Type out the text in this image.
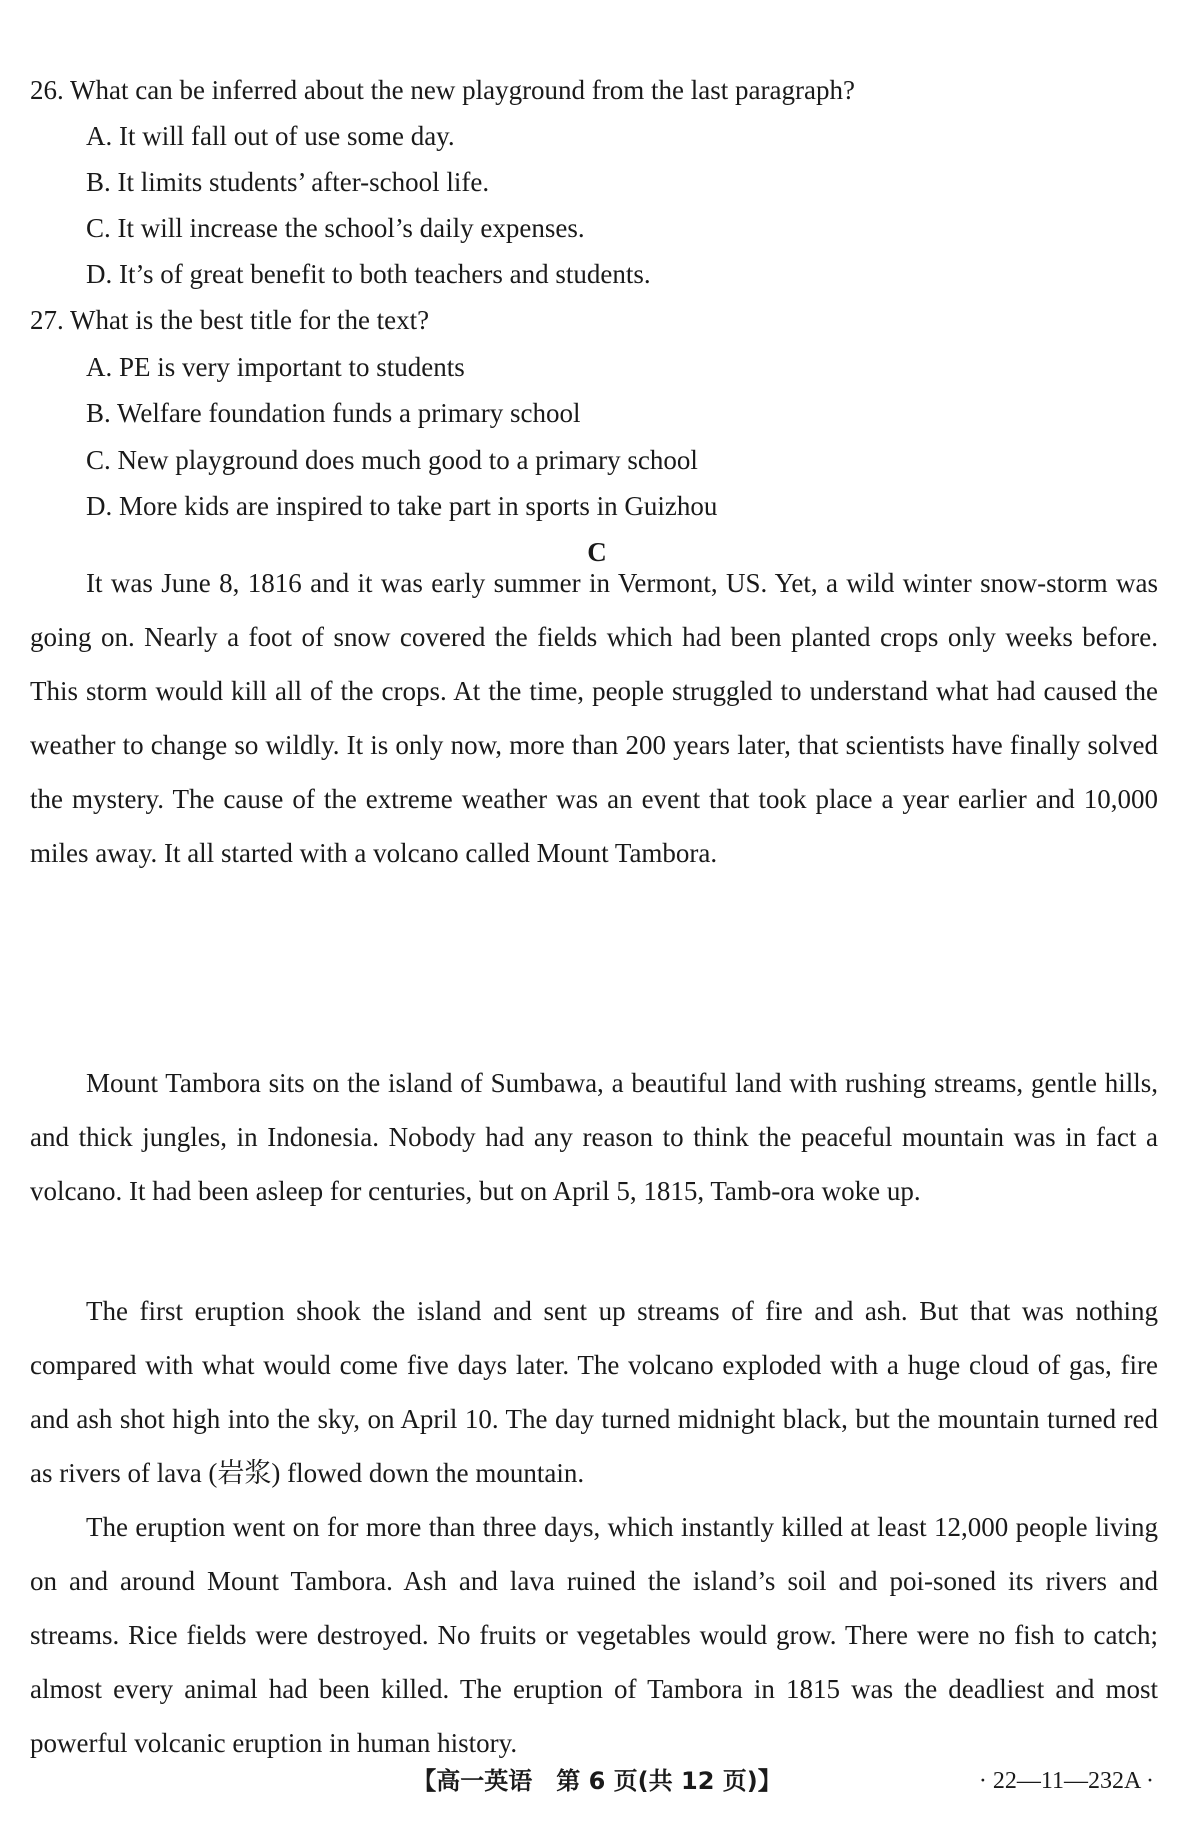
26. What can be inferred about the new playground from the last paragraph?
A. It will fall out of use some day.
B. It limits students’ after-school life.
C. It will increase the school’s daily expenses.
D. It’s of great benefit to both teachers and students.
27. What is the best title for the text?
A. PE is very important to students
B. Welfare foundation funds a primary school
C. New playground does much good to a primary school
D. More kids are inspired to take part in sports in Guizhou
C

It was June 8, 1816 and it was early summer in Vermont, US. Yet, a wild winter snow-storm was going on. Nearly a foot of snow covered the fields which had been planted crops only weeks before. This storm would kill all of the crops. At the time, people struggled to understand what had caused the weather to change so wildly. It is only now, more than 200 years later, that scientists have finally solved the mystery. The cause of the extreme weather was an event that took place a year earlier and 10,000 miles away. It all started with a volcano called Mount Tambora.

Mount Tambora sits on the island of Sumbawa, a beautiful land with rushing streams, gentle hills, and thick jungles, in Indonesia. Nobody had any reason to think the peaceful mountain was in fact a volcano. It had been asleep for centuries, but on April 5, 1815, Tamb-ora woke up.

The first eruption shook the island and sent up streams of fire and ash. But that was nothing compared with what would come five days later. The volcano exploded with a huge cloud of gas, fire and ash shot high into the sky, on April 10. The day turned midnight black, but the mountain turned red as rivers of lava (岩浆) flowed down the mountain.

The eruption went on for more than three days, which instantly killed at least 12,000 people living on and around Mount Tambora. Ash and lava ruined the island’s soil and poi-soned its rivers and streams. Rice fields were destroyed. No fruits or vegetables would grow. There were no fish to catch; almost every animal had been killed. The eruption of Tambora in 1815 was the deadliest and most powerful volcanic eruption in human history.

【高一英语　第 6 页(共 12 页)】	· 22—11—232A ·
